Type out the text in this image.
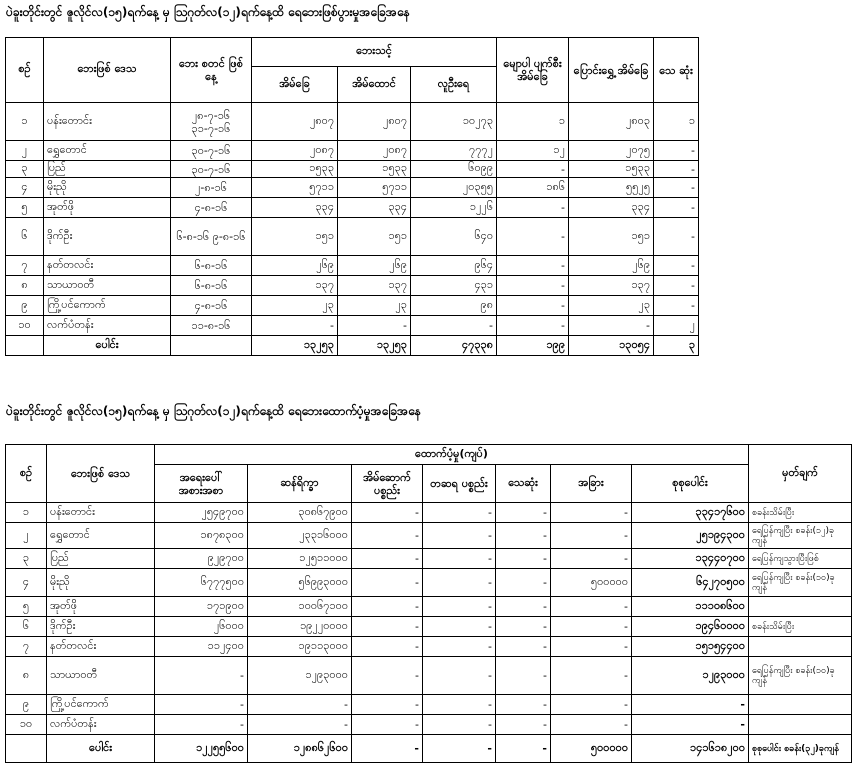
ပဲခူးတိုင်းတွင် ဇူလိုင်လ(၁၅)ရက်နေ့ မှ ဩဂုတ်လ(၁၂)ရက်နေ့ထိ ရေဘေးဖြစ်ပွားမှုအခြေအနေ
စဥ်	ဘေးဖြစ် ဒေသ	ဘေး စတင် ဖြစ်နေ့	ဘေးသင့်			မျောပါ ပျက်စီး အိမ်ခြေ	ပြောင်းရွှေ့ အိမ်ခြေ	သေ ဆုံး
			အိမ်ခြေ	အိမ်ထောင်	လူဦးရေ			
၁	ပန်းတောင်း	၂၈-၇-၁၆ ၃၁-၇-၁၆	၂၈၀၇	၂၈၀၇	၁၀၂၇၃	၁	၂၈၀၃	၁
၂	ရွှေတောင်	၃၀-၇-၁၆	၂၀၈၇	၂၀၈၇	၇၇၇၂	၁၂	၂၀၇၅	-
၃	ပြည်	၃၀-၇-၁၆	၁၅၃၃	၁၅၃၃	၆၀၉၉	-	၁၅၃၃	-
၄	မိုးညို	၂-၈-၁၆	၅၇၁၁	၅၇၁၁	၂၀၃၅၅	၁၈၆	၅၅၂၅	-
၅	အုတ်ဖို	၄-၈-၁၆	၃၃၄	၃၃၄	၁၂၂၆	-	၃၃၄	-
၆	ဒိုက်ဦး	၆-၈-၁၆ ၉-၈-၁၆	၁၅၁	၁၅၁	၆၄၀	-	၁၅၁	-
၇	နတ်တလင်း	၆-၈-၁၆	၂၆၉	၂၆၉	၉၆၄	-	၂၆၉	-
၈	သာယာဝတီ	၆-၈-၁၆	၁၃၇	၁၃၇	၄၃၁	-	၁၃၇	-
၉	ကြို့ပင်ကောက်	၄-၈-၁၆	၂၃	၂၃	၉၈	-	၂၃	-
၁၀	လက်ပံတန်း	၁၁-၈-၁၆	-	-	-	-	-	၂
	ပေါင်း		၁၃၂၅၃	၁၃၂၅၃	၄၇၃၃၈	၁၉၉	၁၃၀၅၄	၃
ပဲခူးတိုင်းတွင် ဇူလိုင်လ(၁၅)ရက်နေ့ မှ ဩဂုတ်လ(၁၂)ရက်နေ့ထိ ရေဘေးထောက်ပံ့မှုအခြေအနေ
စဥ်	ဘေးဖြစ် ဒေသ	ထောက်ပံ့မှု(ကျပ်)							မှတ်ချက်
		အရေးပေါ် အစားအစာ	ဆန်ရိက္ခာ	အိမ်ဆောက် ပစ္စည်း	တဆရ ပစ္စည်း	သေဆုံး	အခြား	စုစုပေါင်း	
၁	ပန်းတောင်း	၂၅၄၉၇၀၀	၃၀၈၆၇၉၀၀	-	-	-	-	၃၃၄၁၇၆၀၀	စခန်းသိမ်းပြီး
၂	ရွှေတောင်	၁၈၇၈၃၀၀	၂၃၃၁၆၀၀၀	-	-	-	-	၂၅၁၉၄၃၀၀	ရေပြန်ကျပြီး စခန်း(၁၂)ခုကျန်
၃	ပြည်	၉၂၉၇၀၀	၁၂၅၁၁၀၀၀	-	-	-	-	၁၃၄၄၀၇၀၀	ရေပြန်ကျသွားပြီးဖြစ်
၄	မိုးညို	၆၇၇၇၅၀၀	၅၆၉၉၃၀၀၀	-	-	-	၅၀၀၀၀၀	၆၄၂၇၀၅၀၀	ရေပြန်ကျပြီး စခန်း(၁၀)ခုကျန်
၅	အုတ်ဖို	၁၇၁၉၀၀	၁၀၀၆၇၁၀၀	-	-	-	-	၁၁၁၀၈၆၀၀	
၆	ဒိုက်ဦး	၂၆၀၀၀	၁၉၂၂၀၀၀၀	-	-	-	-	၁၉၄၆၀၀၀၀	စခန်းသိမ်းပြီး
၇	နတ်တလင်း	၁၁၂၄၀၀	၁၉၁၁၃၀၀၀	-	-	-	-	၁၅၁၅၄၄၀၀	
၈	သာယာဝတီ	-	၁၂၉၃၀၀၀	-	-	-	-	၁၂၉၃၀၀၀	ရေပြန်ကျပြီး စခန်း(၁၀)ခုကျန်
၉	ကြို့ပင်ကောက်	-	-	-	-	-	-	-	
၁၀	လက်ပံတန်း	-	-	-	-	-	-	-	
	ပေါင်း	၁၂၂၅၅၆၀၀	၁၂၈၈၆၂၆၀၀	-	-	-	၅၀၀၀၀၀	၁၄၁၆၁၈၂၀၀	စုစုပေါင်း စခန်း(၃၂)ခုကျန်
